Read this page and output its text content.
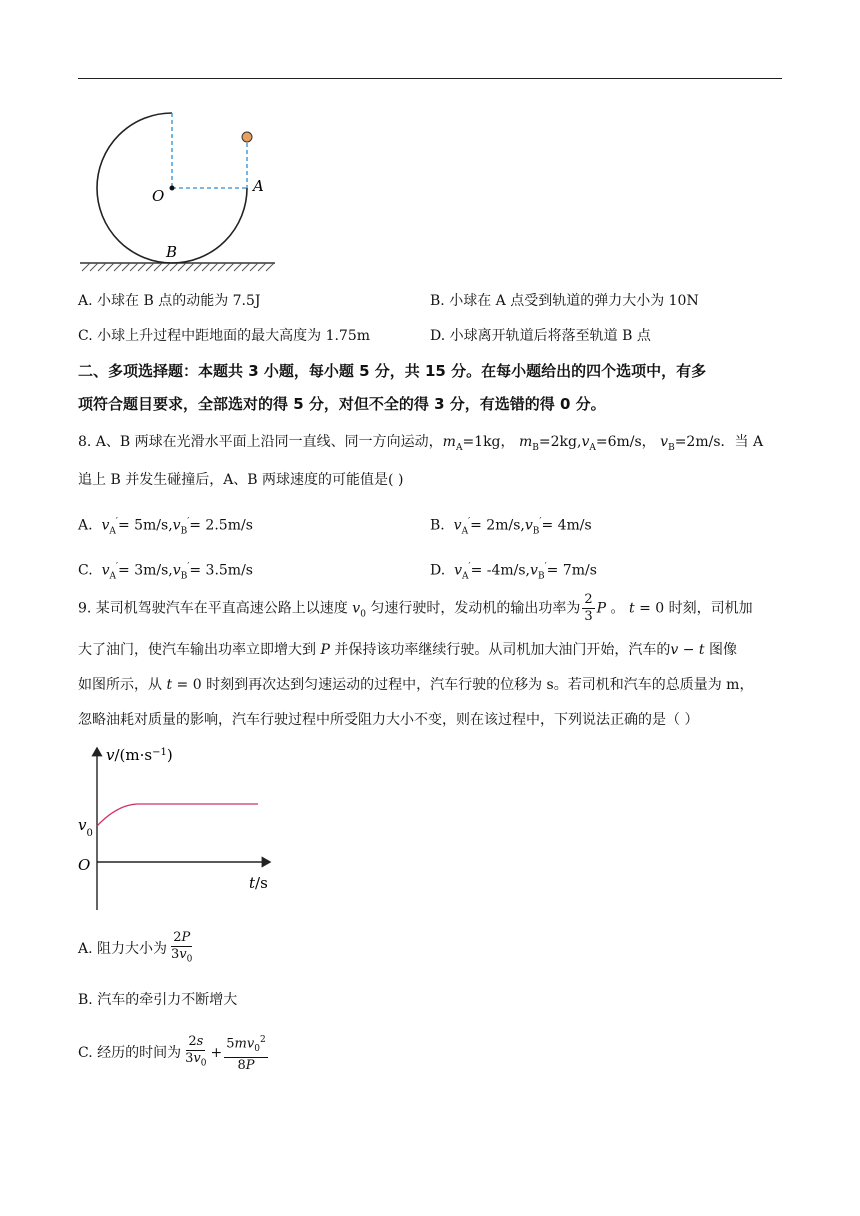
O
A
B
A. 小球在 B 点的动能为 7.5J	B. 小球在 A 点受到轨道的弹力大小为 10N
C. 小球上升过程中距地面的最大高度为 1.75m	D. 小球离开轨道后将落至轨道 B 点
二、多项选择题：本题共 3 小题，每小题 5 分，共 15 分。在每小题给出的四个选项中，有多
项符合题目要求，全部选对的得 5 分，对但不全的得 3 分，有选错的得 0 分。
8. A、B 两球在光滑水平面上沿同一直线、同一方向运动，$m_A=1kg$， $m_B=2kg,v_A=6m/s$， $v_B=2m/s$．当 A
追上 B 并发生碰撞后，A、B 两球速度的可能值是( )
A. $v_A'= 5m/s,v_B'= 2.5m/s$	B. $v_A'= 2m/s,v_B'= 4m/s$
C. $v_A'= 3m/s,v_B'= 3.5m/s$	D. $v_A'= -4m/s,v_B'= 7m/s$
9. 某司机驾驶汽车在平直高速公路上以速度 $v_0$ 匀速行驶时，发动机的输出功率为 $\frac{2}{3}$ P 。 t = 0 时刻，司机加
大了油门，使汽车输出功率立即增大到 P 并保持该功率继续行驶。从司机加大油门开始，汽车的v − t 图像
如图所示，从 t = 0 时刻到再次达到匀速运动的过程中，汽车行驶的位移为 s。若司机和汽车的总质量为 m，
忽略油耗对质量的影响，汽车行驶过程中所受阻力大小不变，则在该过程中，下列说法正确的是（ ）
$v/(m\cdot s^{-1})$
t/s
O
$v_0$
A. 阻力大小为 $\frac{2P}{3v_0}$
B. 汽车的牵引力不断增大
C. 经历的时间为 $\frac{2s}{3v_0} + \frac{5mv_0^2}{8P}$
